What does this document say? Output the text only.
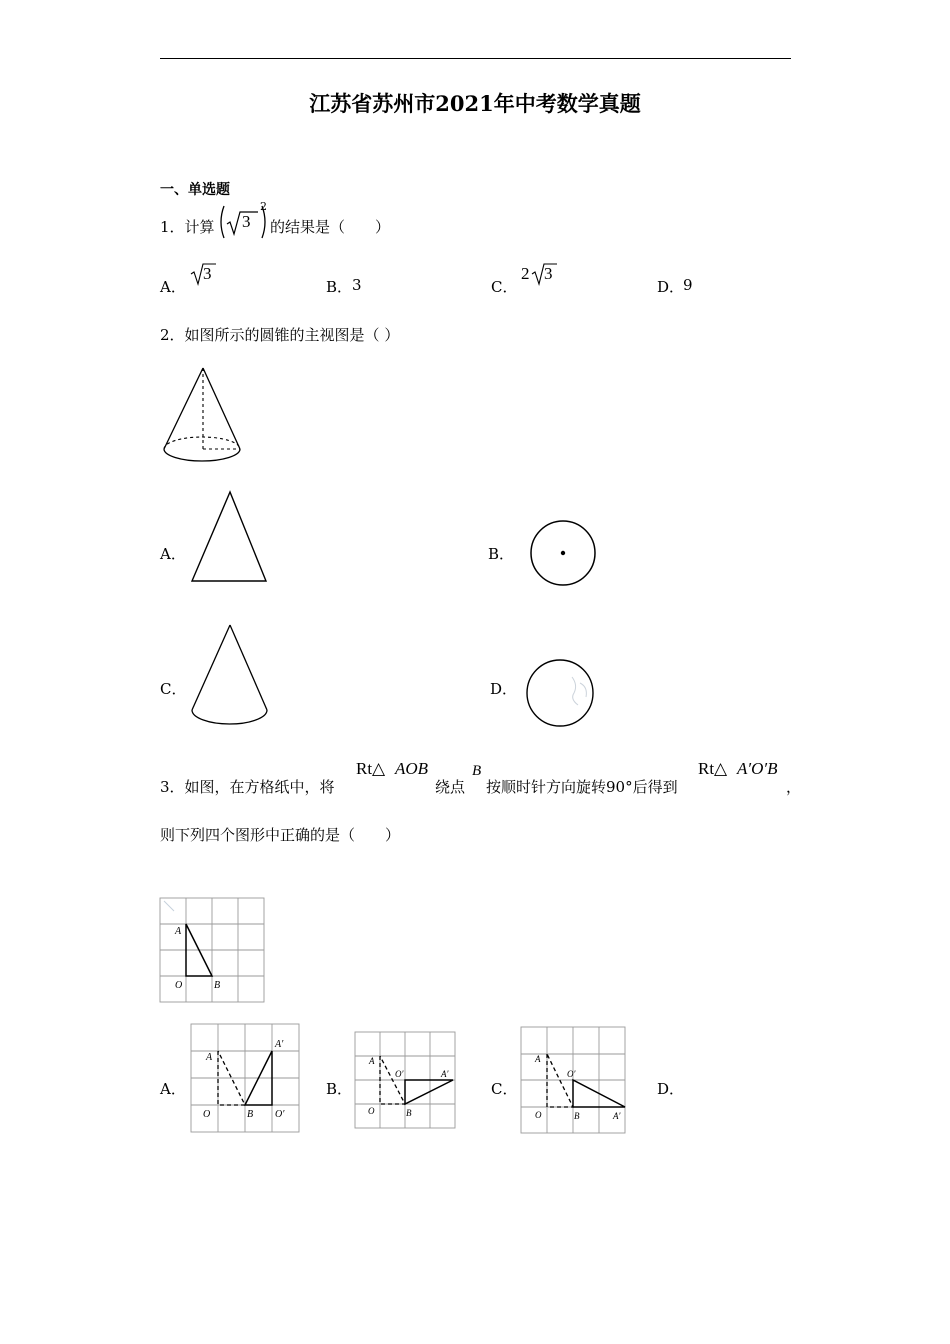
江苏省苏州市2021年中考数学真题
一、单选题
1．计算 3
2
的结果是（　　）
A．
3
B． 3	C．
2 3
D．
9
2．如图所示的圆锥的主视图是（ ）
A．	B．
C．	D．
3．如图，在方格纸中，将
Rt△ AOB
绕点
B
按顺时针方向旋转90°后得到
Rt△ A′O′B
，
则下列四个图形中正确的是（　　）
A
O	B
A．
A
O	B
A′
O′
B．
A
O	B
O′	A′
C．
A
O	B
O′
A′
D．
